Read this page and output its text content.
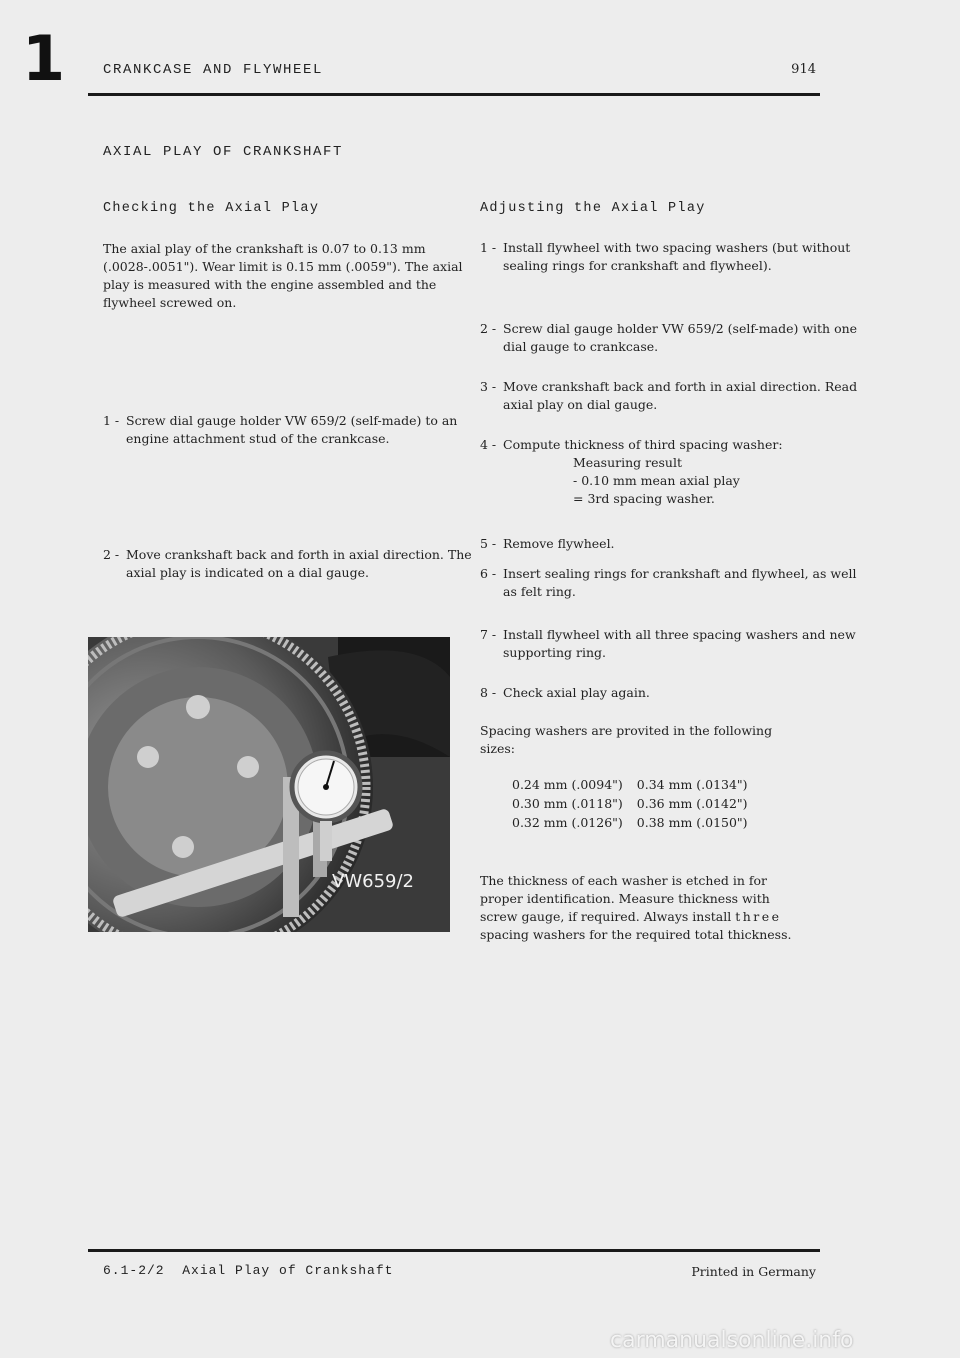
1	CRANKCASE AND FLYWHEEL	914
AXIAL PLAY OF CRANKSHAFT
Checking the Axial Play
The axial play of the crankshaft is 0.07 to 0.13 mm (.0028-.0051"). Wear limit is 0.15 mm (.0059"). The axial play is measured with the engine assembled and the flywheel screwed on.
1 - Screw dial gauge holder VW 659/2 (self-made) to an engine attachment stud of the crankcase.
2 - Move crankshaft back and forth in axial direction. The axial play is indicated on a dial gauge.
VW659/2
Adjusting the Axial Play
1 - Install flywheel with two spacing washers (but without sealing rings for crankshaft and flywheel).
2 - Screw dial gauge holder VW 659/2 (self-made) with one dial gauge to crankcase.
3 - Move crankshaft back and forth in axial direction. Read axial play on dial gauge.
4 - Compute thickness of third spacing washer:
Measuring result
- 0.10 mm mean axial play
= 3rd spacing washer.
5 - Remove flywheel.
6 - Insert sealing rings for crankshaft and flywheel, as well as felt ring.
7 - Install flywheel with all three spacing washers and new supporting ring.
8 - Check axial play again.
Spacing washers are provited in the following sizes:
0.24 mm (.0094")	0.34 mm (.0134")
0.30 mm (.0118")	0.36 mm (.0142")
0.32 mm (.0126")	0.38 mm (.0150")
The thickness of each washer is etched in for proper identification. Measure thickness with screw gauge, if required. Always install three spacing washers for the required total thickness.
6.1-2/2 Axial Play of Crankshaft	Printed in Germany
carmanualsonline.info
